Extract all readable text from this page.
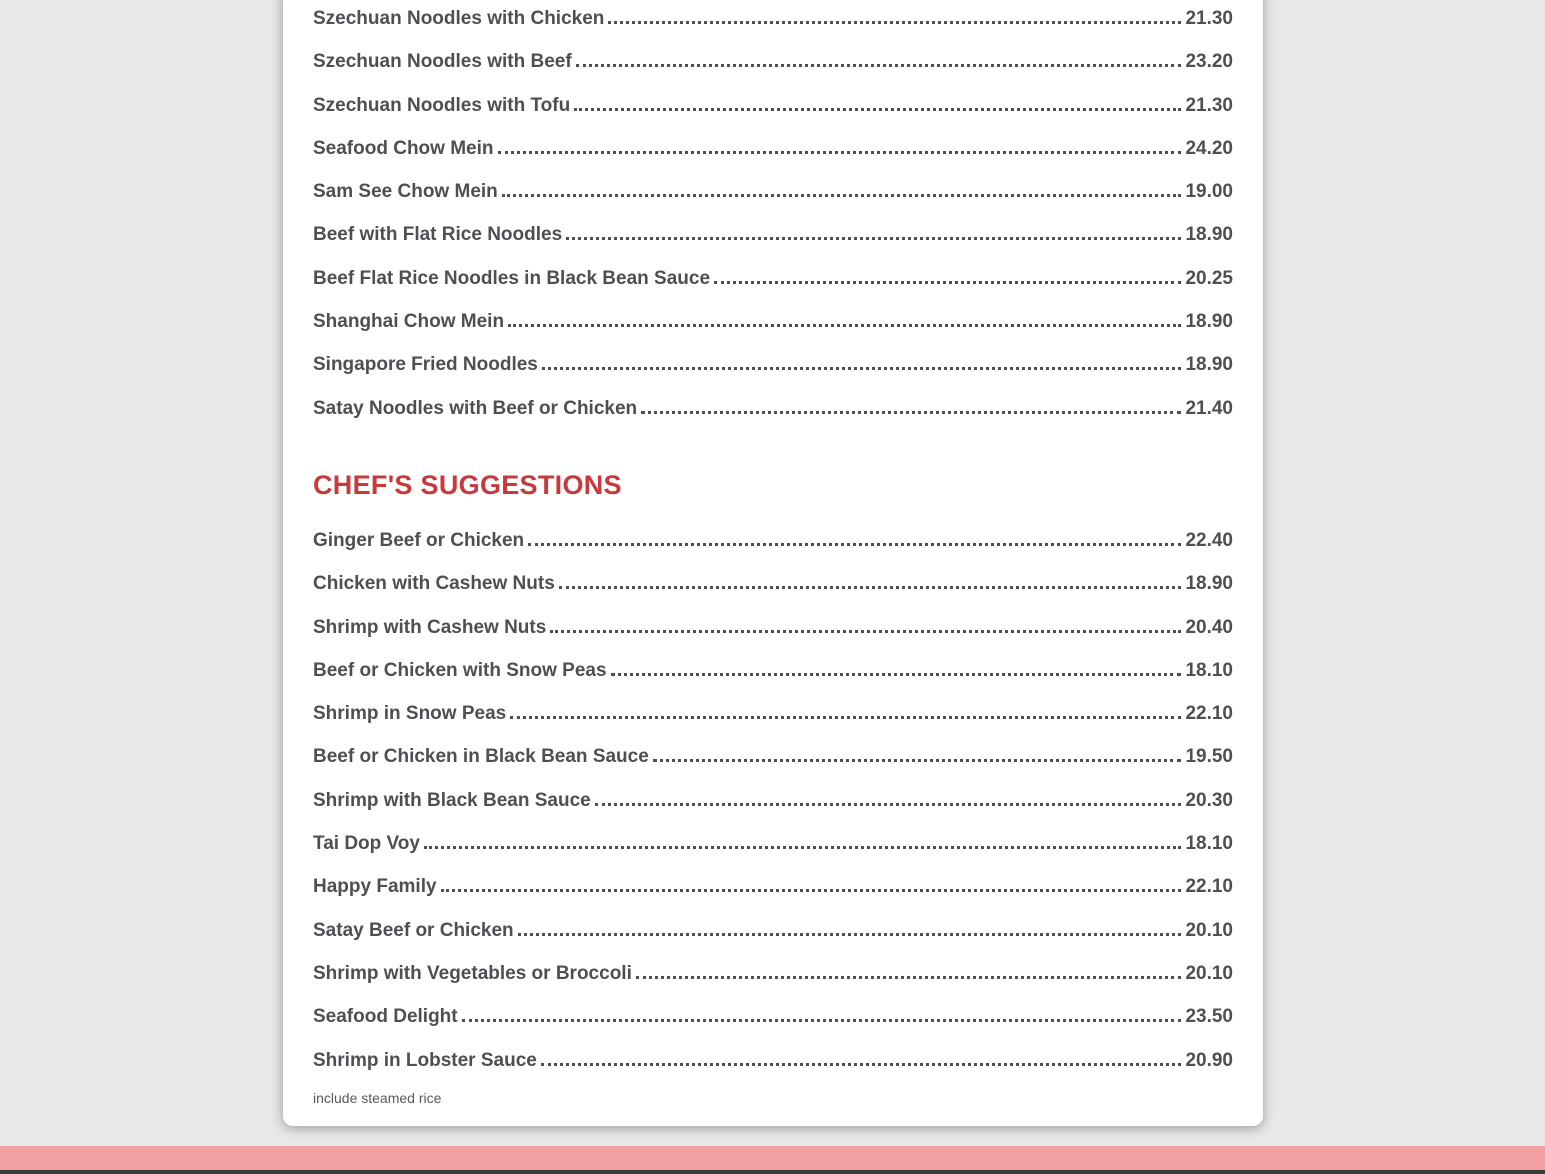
Szechuan Noodles with Chicken	21.30
Szechuan Noodles with Beef	23.20
Szechuan Noodles with Tofu	21.30
Seafood Chow Mein	24.20
Sam See Chow Mein	19.00
Beef with Flat Rice Noodles	18.90
Beef Flat Rice Noodles in Black Bean Sauce	20.25
Shanghai Chow Mein	18.90
Singapore Fried Noodles	18.90
Satay Noodles with Beef or Chicken	21.40
CHEF'S SUGGESTIONS
Ginger Beef or Chicken	22.40
Chicken with Cashew Nuts	18.90
Shrimp with Cashew Nuts	20.40
Beef or Chicken with Snow Peas	18.10
Shrimp in Snow Peas	22.10
Beef or Chicken in Black Bean Sauce	19.50
Shrimp with Black Bean Sauce	20.30
Tai Dop Voy	18.10
Happy Family	22.10
Satay Beef or Chicken	20.10
Shrimp with Vegetables or Broccoli	20.10
Seafood Delight	23.50
Shrimp in Lobster Sauce	20.90

include steamed rice
